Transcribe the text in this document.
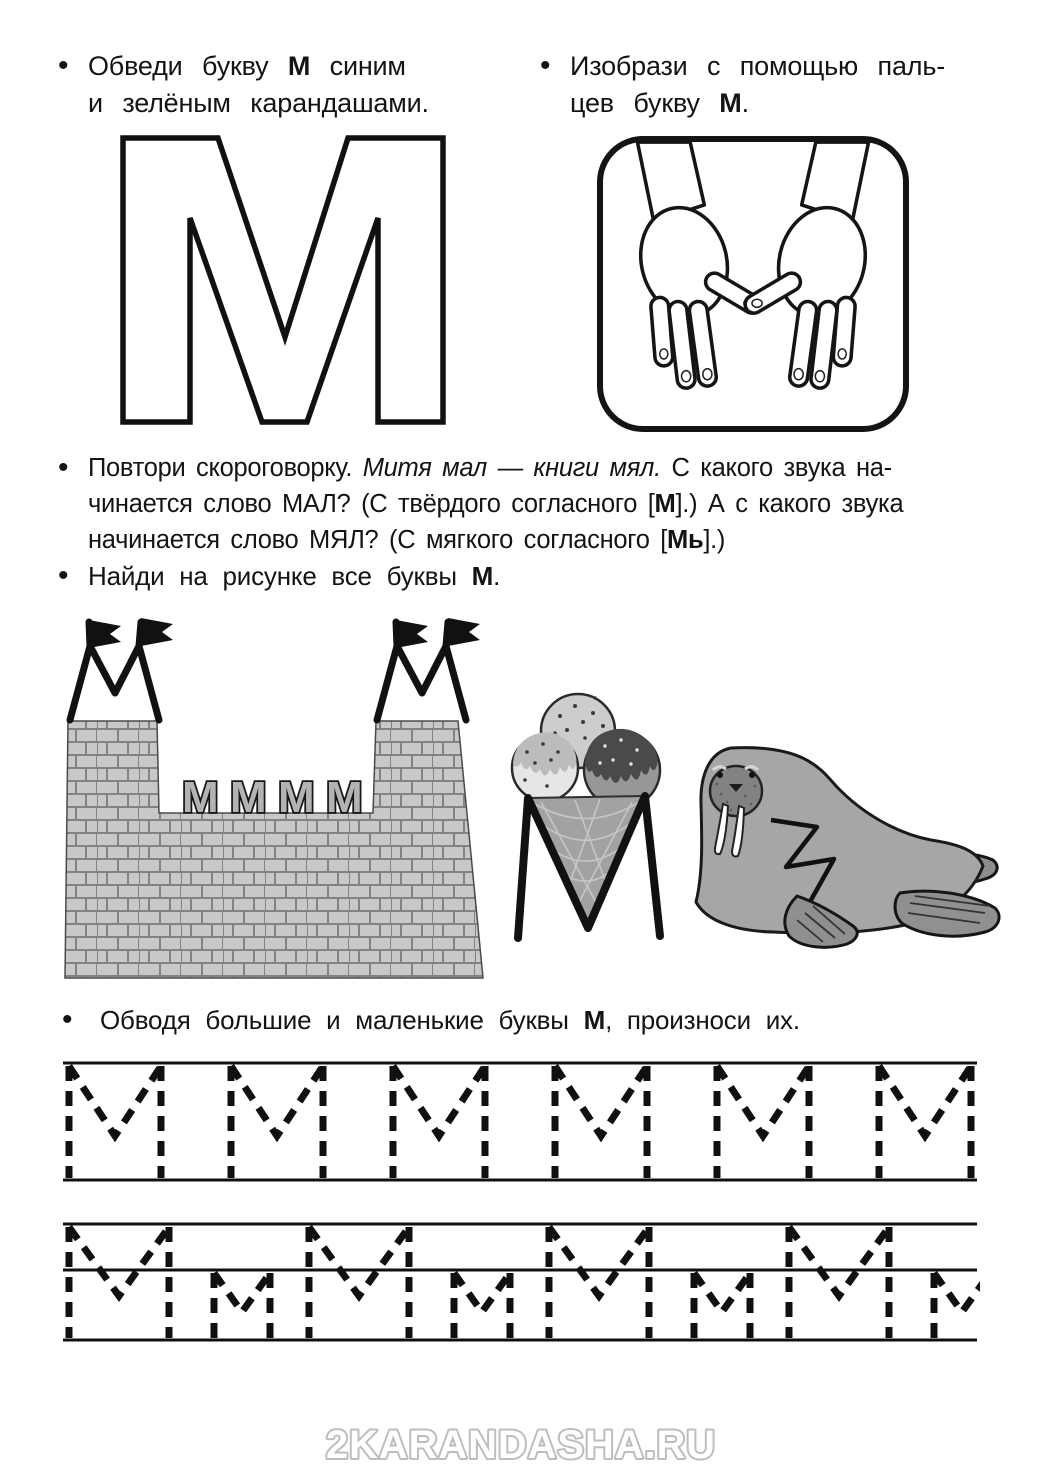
• Обведи букву М синим
и зелёным карандашами.
• Изобрази с помощью паль-
цев букву М.
• Повтори скороговорку. Митя мал — книги мял. С какого звука на-
чинается слово МАЛ? (С твёрдого согласного [М].) А с какого звука
начинается слово МЯЛ? (С мягкого согласного [Мь].)
• Найди на рисунке все буквы М.
М М М М
•	Обводя большие и маленькие буквы М, произноси их.
2KARANDASHA.RU
